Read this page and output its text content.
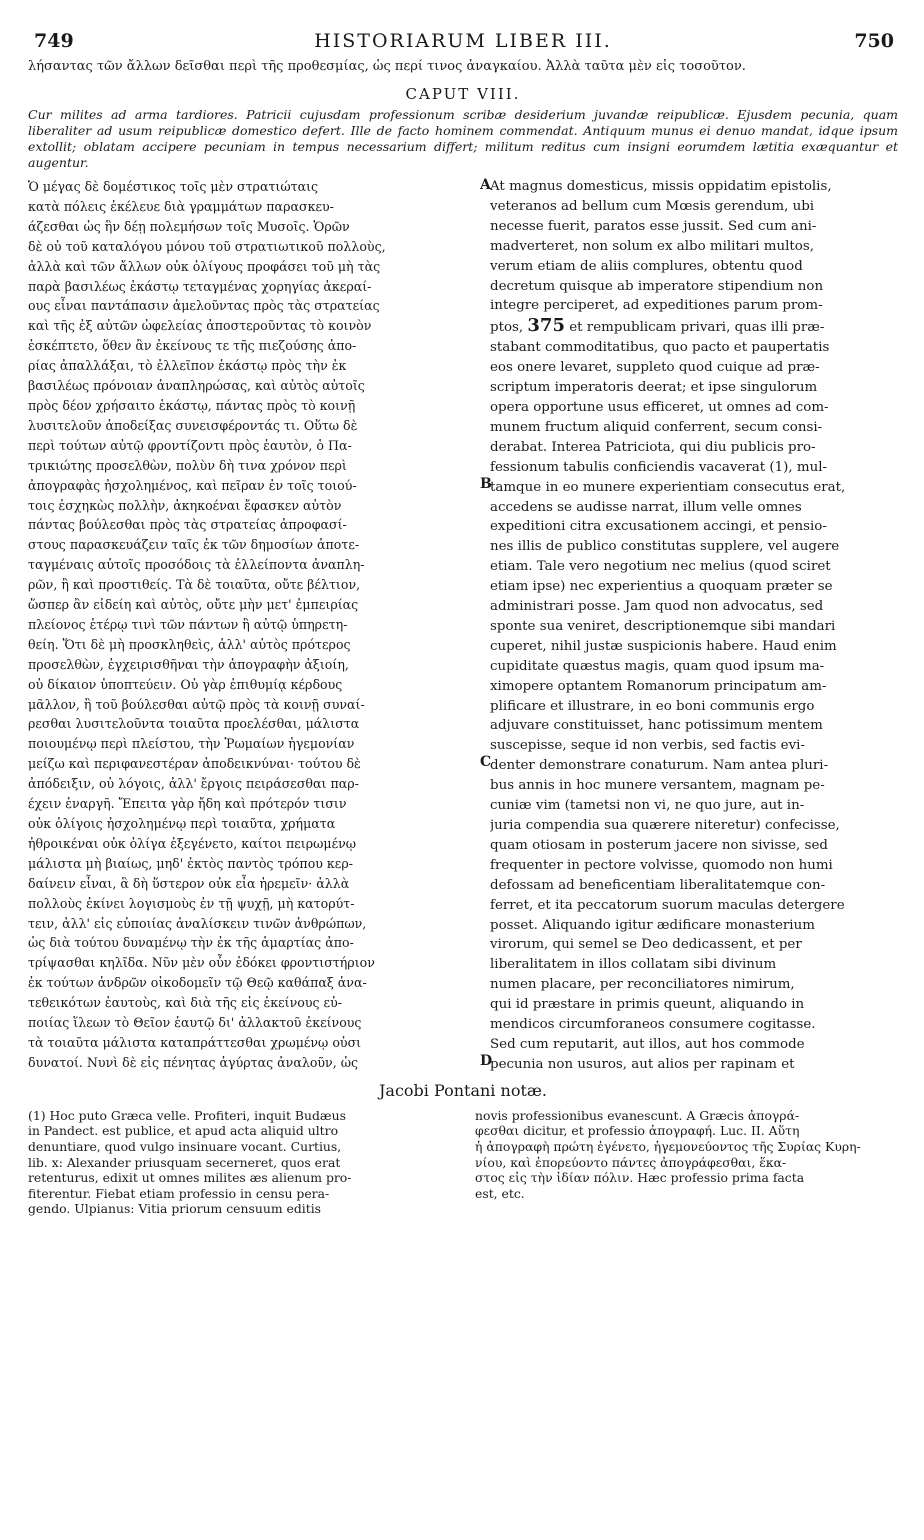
749	HISTORIARUM LIBER III.	750
λήσαντας τῶν ἄλλων δεῖσθαι περὶ τῆς προθεσμίας, ὡς περί τινος ἀναγκαίου. Ἀλλὰ ταῦτα μὲν εἰς τοσοῦτον.
CAPUT VIII.
Cur milites ad arma tardiores. Patricii cujusdam professionum scribæ desiderium juvandæ reipublicæ. Ejusdem pecunia, quam liberaliter ad usum reipublicæ domestico defert. Ille de facto hominem commendat. Antiquum munus ei denuo mandat, idque ipsum extollit; oblatam accipere pecuniam in tempus necessarium differt; militum reditus cum insigni eorumdem lætitia exæquantur et augentur.
Ὁ μέγας δὲ δομέστικος τοῖς μὲν στρατιώταις
κατὰ πόλεις ἐκέλευε διὰ γραμμάτων παρασκευ-
άζεσθαι ὡς ἣν δέῃ πολεμήσων τοῖς Μυσοῖς. Ὁρῶν
δὲ οὐ τοῦ καταλόγου μόνου τοῦ στρατιωτικοῦ πολλοὺς,
ἀλλὰ καὶ τῶν ἄλλων οὐκ ὀλίγους προφάσει τοῦ μὴ τὰς
παρὰ βασιλέως ἑκάστῳ τεταγμένας χορηγίας ἀκεραί-
ους εἶναι παντάπασιν ἀμελοῦντας πρὸς τὰς στρατείας
καὶ τῆς ἐξ αὐτῶν ὠφελείας ἀποστεροῦντας τὸ κοινὸν
ἐσκέπτετο, ὅθεν ἂν ἐκείνους τε τῆς πιεζούσης ἀπο-
ρίας ἀπαλλάξαι, τὸ ἐλλεῖπον ἑκάστῳ πρὸς τὴν ἐκ
βασιλέως πρόνοιαν ἀναπληρώσας, καὶ αὐτὸς αὐτοῖς
πρὸς δέον χρήσαιτο ἑκάστῳ, πάντας πρὸς τὸ κοινῇ
λυσιτελοῦν ἀποδείξας συνεισφέροντάς τι. Οὕτω δὲ
περὶ τούτων αὐτῷ φροντίζοντι πρὸς ἑαυτὸν, ὁ Πα-
τρικιώτης προσελθὼν, πολὺν δὴ τινα χρόνον περὶ
ἀπογραφὰς ἠσχολημένος, καὶ πεῖραν ἐν τοῖς τοιού-
τοις ἐσχηκὼς πολλὴν, ἀκηκοέναι ἔφασκεν αὐτὸν
πάντας βούλεσθαι πρὸς τὰς στρατείας ἀπροφασί-
στους παρασκευάζειν ταῖς ἐκ τῶν δημοσίων ἀποτε-
ταγμέναις αὐτοῖς προσόδοις τὰ ἐλλείποντα ἀναπλη-
ρῶν, ἢ καὶ προστιθείς. Τὰ δὲ τοιαῦτα, οὔτε βέλτιον,
ὥσπερ ἂν εἰδείη καὶ αὐτὸς, οὔτε μὴν μετ' ἐμπειρίας
πλείονος ἑτέρῳ τινὶ τῶν πάντων ἢ αὐτῷ ὑπηρετη-
θείη. Ὅτι δὲ μὴ προσκληθεὶς, ἀλλ' αὐτὸς πρότερος
προσελθὼν, ἐγχειρισθῆναι τὴν ἀπογραφὴν ἀξιοίη,
οὐ δίκαιον ὑποπτεύειν. Οὐ γὰρ ἐπιθυμίᾳ κέρδους
μᾶλλον, ἢ τοῦ βούλεσθαι αὐτῷ πρὸς τὰ κοινῇ συναί-
ρεσθαι λυσιτελοῦντα τοιαῦτα προελέσθαι, μάλιστα
ποιουμένῳ περὶ πλείστου, τὴν Ῥωμαίων ἡγεμονίαν
μείζω καὶ περιφανεστέραν ἀποδεικνύναι· τούτου δὲ
ἀπόδειξιν, οὐ λόγοις, ἀλλ' ἔργοις πειράσεσθαι παρ-
έχειν ἐναργῆ. Ἔπειτα γὰρ ἤδη καὶ πρότερόν τισιν
οὐκ ὀλίγοις ἠσχολημένῳ περὶ τοιαῦτα, χρήματα
ἠθροικέναι οὐκ ὀλίγα ἐξεγένετο, καίτοι πειρωμένῳ
μάλιστα μὴ βιαίως, μηδ' ἐκτὸς παντὸς τρόπου κερ-
δαίνειν εἶναι, ἃ δὴ ὕστερον οὐκ εἶα ἠρεμεῖν· ἀλλὰ
πολλοὺς ἐκίνει λογισμοὺς ἐν τῇ ψυχῇ, μὴ κατορύτ-
τειν, ἀλλ' εἰς εὐποιίας ἀναλίσκειν τινῶν ἀνθρώπων,
ὡς διὰ τούτου δυναμένῳ τὴν ἐκ τῆς ἁμαρτίας ἀπο-
τρίψασθαι κηλῖδα. Νῦν μὲν οὖν ἐδόκει φροντιστήριον
ἐκ τούτων ἀνδρῶν οἰκοδομεῖν τῷ Θεῷ καθάπαξ ἀνα-
τεθεικότων ἑαυτοὺς, καὶ διὰ τῆς εἰς ἐκείνους εὐ-
ποιίας ἵλεων τὸ Θεῖον ἑαυτῷ δι' ἀλλακτοῦ ἐκείνους
τὰ τοιαῦτα μάλιστα καταπράττεσθαι χρωμένῳ οὐσι
δυνατοί. Νυνὶ δὲ εἰς πένητας ἀγύρτας ἀναλοῦν, ὡς
A
B
C
D
At magnus domesticus, missis oppidatim epistolis,
veteranos ad bellum cum Mœsis gerendum, ubi
necesse fuerit, paratos esse jussit. Sed cum ani-
madverteret, non solum ex albo militari multos,
verum etiam de aliis complures, obtentu quod
decretum quisque ab imperatore stipendium non
integre perciperet, ad expeditiones parum prom-
ptos, 375 et rempublicam privari, quas illi præ-
stabant commoditatibus, quo pacto et paupertatis
eos onere levaret, suppleto quod cuique ad præ-
scriptum imperatoris deerat; et ipse singulorum
opera opportune usus efficeret, ut omnes ad com-
munem fructum aliquid conferrent, secum consi-
derabat. Interea Patriciota, qui diu publicis pro-
fessionum tabulis conficiendis vacaverat (1), mul-
tamque in eo munere experientiam consecutus erat,
accedens se audisse narrat, illum velle omnes
expeditioni citra excusationem accingi, et pensio-
nes illis de publico constitutas supplere, vel augere
etiam. Tale vero negotium nec melius (quod sciret
etiam ipse) nec experientius a quoquam præter se
administrari posse. Jam quod non advocatus, sed
sponte sua veniret, descriptionemque sibi mandari
cuperet, nihil justæ suspicionis habere. Haud enim
cupiditate quæstus magis, quam quod ipsum ma-
ximopere optantem Romanorum principatum am-
plificare et illustrare, in eo boni communis ergo
adjuvare constituisset, hanc potissimum mentem
suscepisse, seque id non verbis, sed factis evi-
denter demonstrare conaturum. Nam antea pluri-
bus annis in hoc munere versantem, magnam pe-
cuniæ vim (tametsi non vi, ne quo jure, aut in-
juria compendia sua quærere niteretur) confecisse,
quam otiosam in posterum jacere non sivisse, sed
frequenter in pectore volvisse, quomodo non humi
defossam ad beneficentiam liberalitatemque con-
ferret, et ita peccatorum suorum maculas detergere
posset. Aliquando igitur ædificare monasterium
virorum, qui semel se Deo dedicassent, et per
liberalitatem in illos collatam sibi divinum
numen placare, per reconciliatores nimirum,
qui id præstare in primis queunt, aliquando in
mendicos circumforaneos consumere cogitasse.
Sed cum reputarit, aut illos, aut hos commode
pecunia non usuros, aut alios per rapinam et
Jacobi Pontani notæ.
(1) Hoc puto Græca velle. Profiteri, inquit Budæus
in Pandect. est publice, et apud acta aliquid ultro
denuntiare, quod vulgo insinuare vocant. Curtius,
lib. x: Alexander priusquam secerneret, quos erat
retenturus, edixit ut omnes milites æs alienum pro-
fiterentur. Fiebat etiam professio in censu pera-
gendo. Ulpianus: Vitia priorum censuum editis
novis professionibus evanescunt. A Græcis ἀπογρά-
φεσθαι dicitur, et professio ἀπογραφή. Luc. II. Αὕτη
ἡ ἀπογραφὴ πρώτη ἐγένετο, ἡγεμονεύοντος τῆς Συρίας Κυρη-
νίου, καὶ ἐπορεύοντο πάντες ἀπογράφεσθαι, ἕκα-
στος εἰς τὴν ἰδίαν πόλιν. Hæc professio prima facta
est, etc.
